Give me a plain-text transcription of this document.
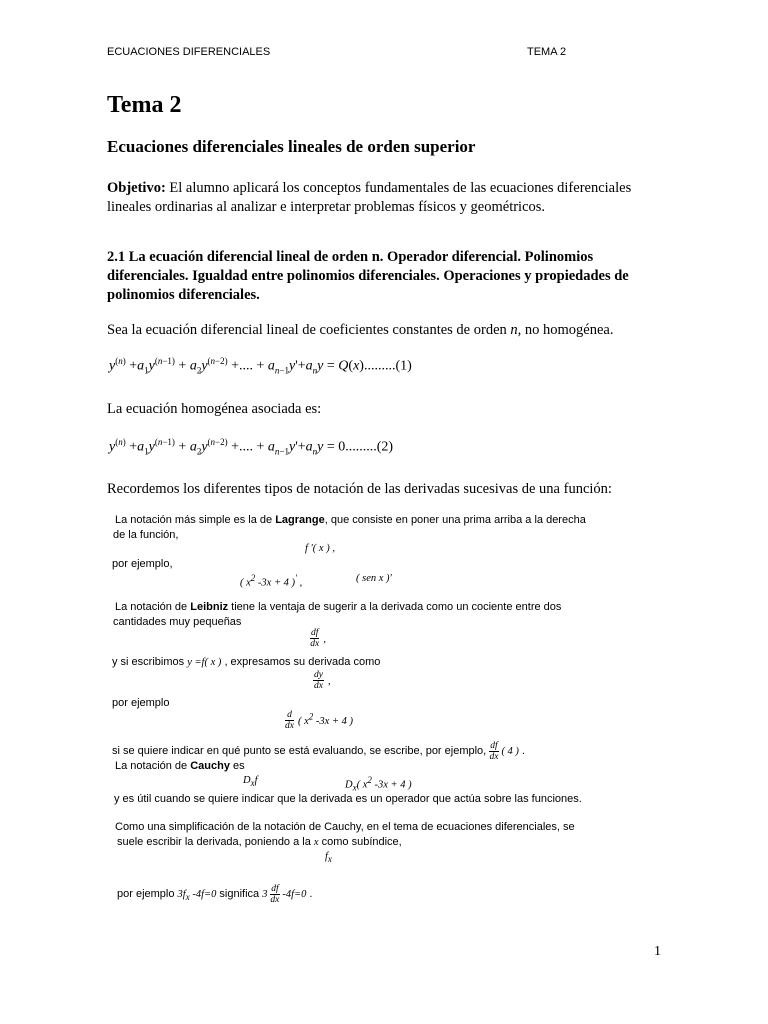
ECUACIONES DIFERENCIALES	TEMA 2
Tema 2
Ecuaciones diferenciales lineales de orden superior
Objetivo: El alumno aplicará los conceptos fundamentales de las ecuaciones diferenciales
lineales ordinarias al analizar e interpretar problemas físicos y geométricos.
2.1 La ecuación diferencial lineal de orden n. Operador diferencial. Polinomios
diferenciales. Igualdad entre polinomios diferenciales. Operaciones y propiedades de
polinomios diferenciales.
Sea la ecuación diferencial lineal de coeficientes constantes de orden n, no homogénea.
$y^{(n)} +a_1y^{(n-1)} + a_2y^{(n-2)}$ +.... + $a_{n-1}y'+a_ny = Q(x).........(1)$
La ecuación homogénea asociada es:
$y^{(n)} +a_1y^{(n-1)} + a_2y^{(n-2)}$ +.... + $a_{n-1}y'+a_ny = 0.........(2)$
Recordemos los diferentes tipos de notación de las derivadas sucesivas de una función:
La notación más simple es la de Lagrange, que consiste en poner una prima arriba a la derecha
de la función,
f '( x ) ,
por ejemplo,
( $x^2$ -3x + 4 )' ,	( sen x )'
La notación de Leibniz tiene la ventaja de sugerir a la derivada como un cociente entre dos
cantidades muy pequeñas
$\frac{df}{dx}$ ,
y si escribimos y =f( x ) , expresamos su derivada como
$\frac{dy}{dx}$ ,
por ejemplo
$\frac{d}{dx}$ ( $x^2$ -3x + 4 )
si se quiere indicar en qué punto se está evaluando, se escribe, por ejemplo, $\frac{df}{dx}$ ( 4 ) .
La notación de Cauchy es
$D_xf$	$D_x$( $x^2$ -3x + 4 )
y es útil cuando se quiere indicar que la derivada es un operador que actúa sobre las funciones.
Como una simplificación de la notación de Cauchy, en el tema de ecuaciones diferenciales, se
suele escribir la derivada, poniendo a la x como subíndice,
$f_x$
por ejemplo $3f_x$ -4f=0 significa $3 \frac{df}{dx} -4f=0$ .
1
